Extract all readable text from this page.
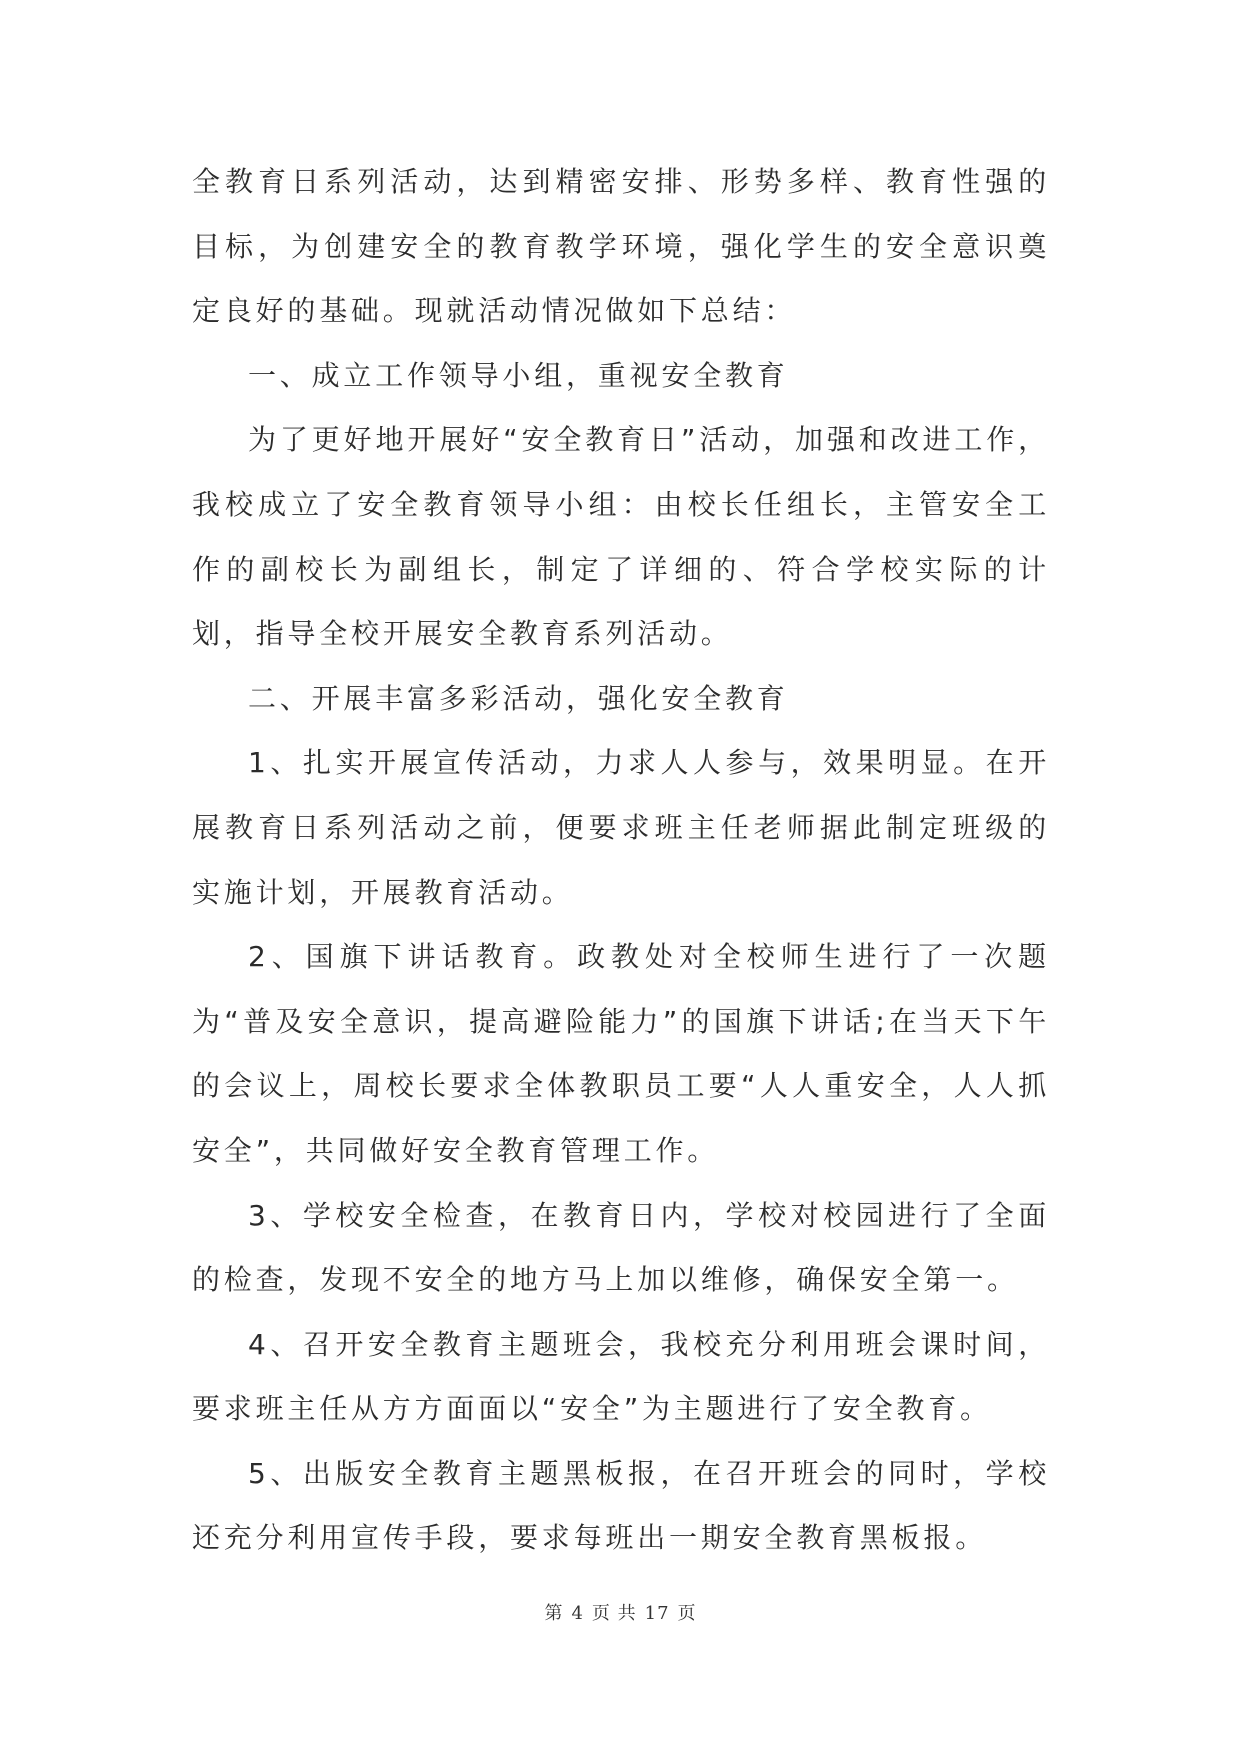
全教育日系列活动，达到精密安排、形势多样、教育性强的目标，为创建安全的教育教学环境，强化学生的安全意识奠定良好的基础。现就活动情况做如下总结：

一、成立工作领导小组，重视安全教育

为了更好地开展好“安全教育日”活动，加强和改进工作，我校成立了安全教育领导小组：由校长任组长，主管安全工作的副校长为副组长，制定了详细的、符合学校实际的计划，指导全校开展安全教育系列活动。

二、开展丰富多彩活动，强化安全教育

1、扎实开展宣传活动，力求人人参与，效果明显。在开展教育日系列活动之前，便要求班主任老师据此制定班级的实施计划，开展教育活动。

2、国旗下讲话教育。政教处对全校师生进行了一次题为“普及安全意识，提高避险能力”的国旗下讲话;在当天下午的会议上，周校长要求全体教职员工要“人人重安全，人人抓安全”，共同做好安全教育管理工作。

3、学校安全检查，在教育日内，学校对校园进行了全面的检查，发现不安全的地方马上加以维修，确保安全第一。

4、召开安全教育主题班会，我校充分利用班会课时间，要求班主任从方方面面以“安全”为主题进行了安全教育。

5、出版安全教育主题黑板报，在召开班会的同时，学校还充分利用宣传手段，要求每班出一期安全教育黑板报。

第 4 页 共 17 页
